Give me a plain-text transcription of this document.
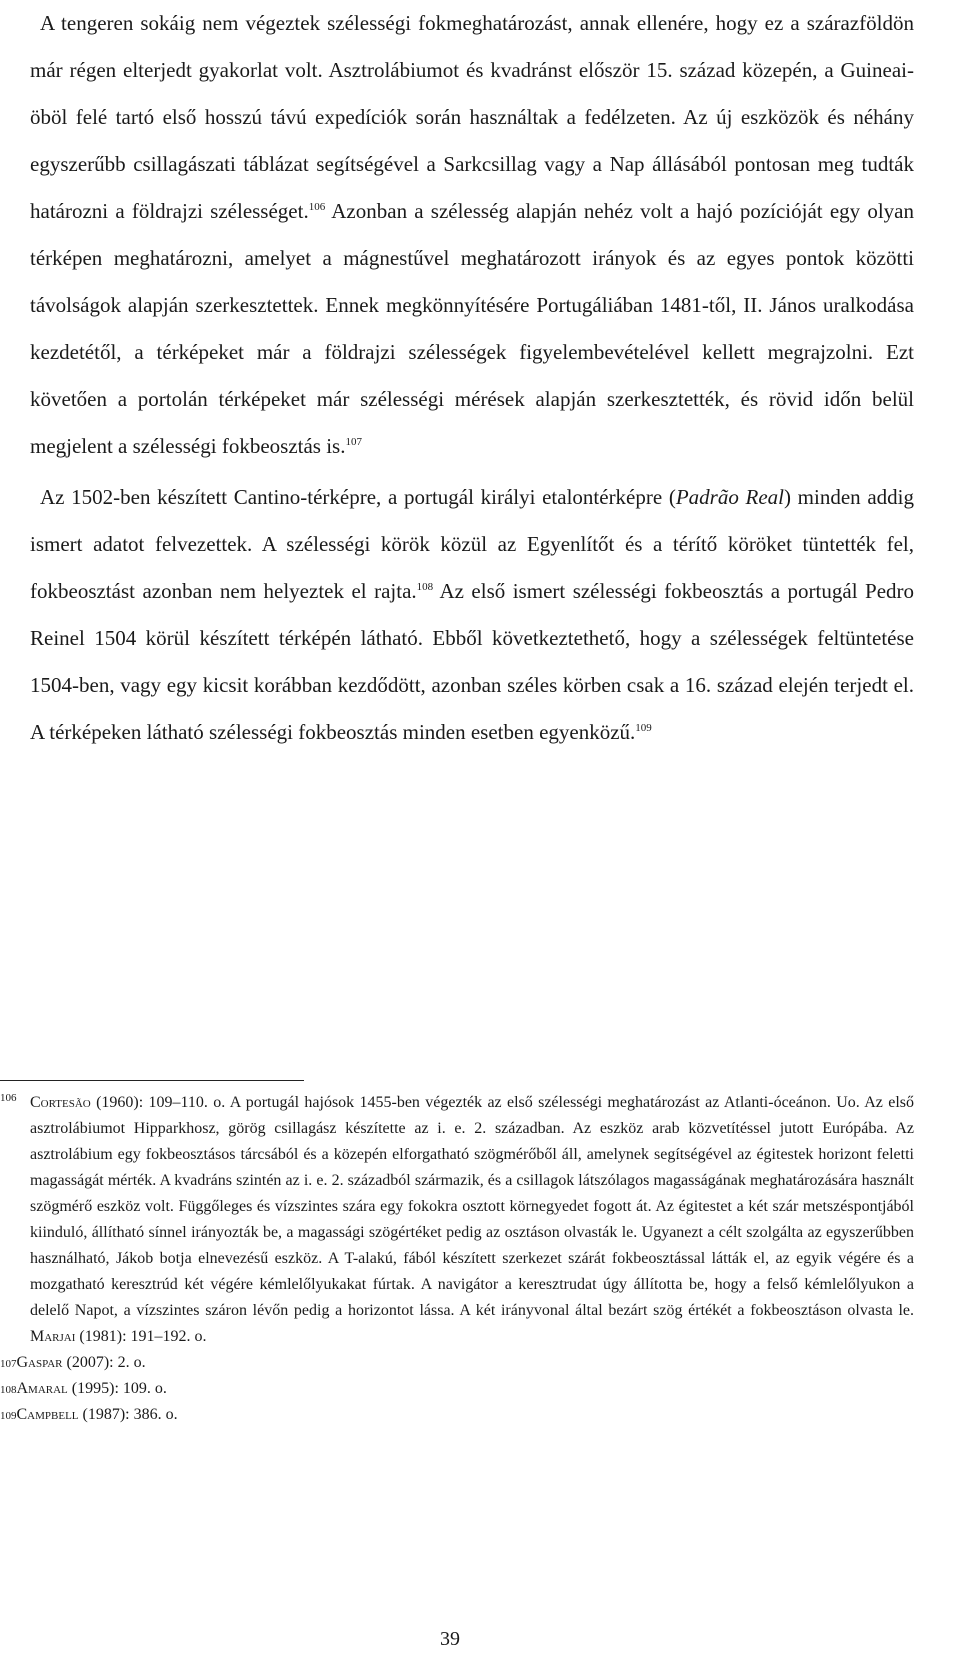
A tengeren sokáig nem végeztek szélességi fokmeghatározást, annak ellenére, hogy ez a szárazföldön már régen elterjedt gyakorlat volt. Asztrolábiumot és kvadránst először 15. század közepén, a Guineai-öböl felé tartó első hosszú távú expedíciók során használtak a fedélzeten. Az új eszközök és néhány egyszerűbb csillagászati táblázat segítségével a Sarkcsillag vagy a Nap állásából pontosan meg tudták határozni a földrajzi szélességet.$^{106}$ Azonban a szélesség alapján nehéz volt a hajó pozícióját egy olyan térképen meghatározni, amelyet a mágnestűvel meghatározott irányok és az egyes pontok közötti távolságok alapján szerkesztettek. Ennek megkönnyítésére Portugáliában 1481-től, II. János uralkodása kezdetétől, a térképeket már a földrajzi szélességek figyelembevételével kellett megrajzolni. Ezt követően a portolán térképeket már szélességi mérések alapján szerkesztették, és rövid időn belül megjelent a szélességi fokbeosztás is.$^{107}$

Az 1502-ben készített Cantino-térképre, a portugál királyi etalontérképre (Padrão Real) minden addig ismert adatot felvezettek. A szélességi körök közül az Egyenlítőt és a térítő köröket tüntették fel, fokbeosztást azonban nem helyeztek el rajta.$^{108}$ Az első ismert szélességi fokbeosztás a portugál Pedro Reinel 1504 körül készített térképén látható. Ebből következtethető, hogy a szélességek feltüntetése 1504-ben, vagy egy kicsit korábban kezdődött, azonban széles körben csak a 16. század elején terjedt el. A térképeken látható szélességi fokbeosztás minden esetben egyenközű.$^{109}$

106 Cortesão (1960): 109–110. o. A portugál hajósok 1455-ben végezték az első szélességi meghatározást az Atlanti-óceánon. Uo. Az első asztrolábiumot Hipparkhosz, görög csillagász készítette az i. e. 2. században. Az eszköz arab közvetítéssel jutott Európába. Az asztrolábium egy fokbeosztásos tárcsából és a közepén elforgatható szögmérőből áll, amelynek segítségével az égitestek horizont feletti magasságát mérték. A kvadráns szintén az i. e. 2. századból származik, és a csillagok látszólagos magasságának meghatározására használt szögmérő eszköz volt. Függőleges és vízszintes szára egy fokokra osztott körnegyedet fogott át. Az égitestet a két szár metszéspontjából kiinduló, állítható sínnel irányozták be, a magassági szögértéket pedig az osztáson olvasták le. Ugyanezt a célt szolgálta az egyszerűbben használható, Jákob botja elnevezésű eszköz. A T-alakú, fából készített szerkezet szárát fokbeosztással látták el, az egyik végére és a mozgatható keresztrúd két végére kémlelőlyukakat fúrtak. A navigátor a keresztrudat úgy állította be, hogy a felső kémlelőlyukon a delelő Napot, a vízszintes száron lévőn pedig a horizontot lássa. A két irányvonal által bezárt szög értékét a fokbeosztáson olvasta le. Marjai (1981): 191–192. o.

107Gaspar (2007): 2. o.

108Amaral (1995): 109. o.

109Campbell (1987): 386. o.

39
